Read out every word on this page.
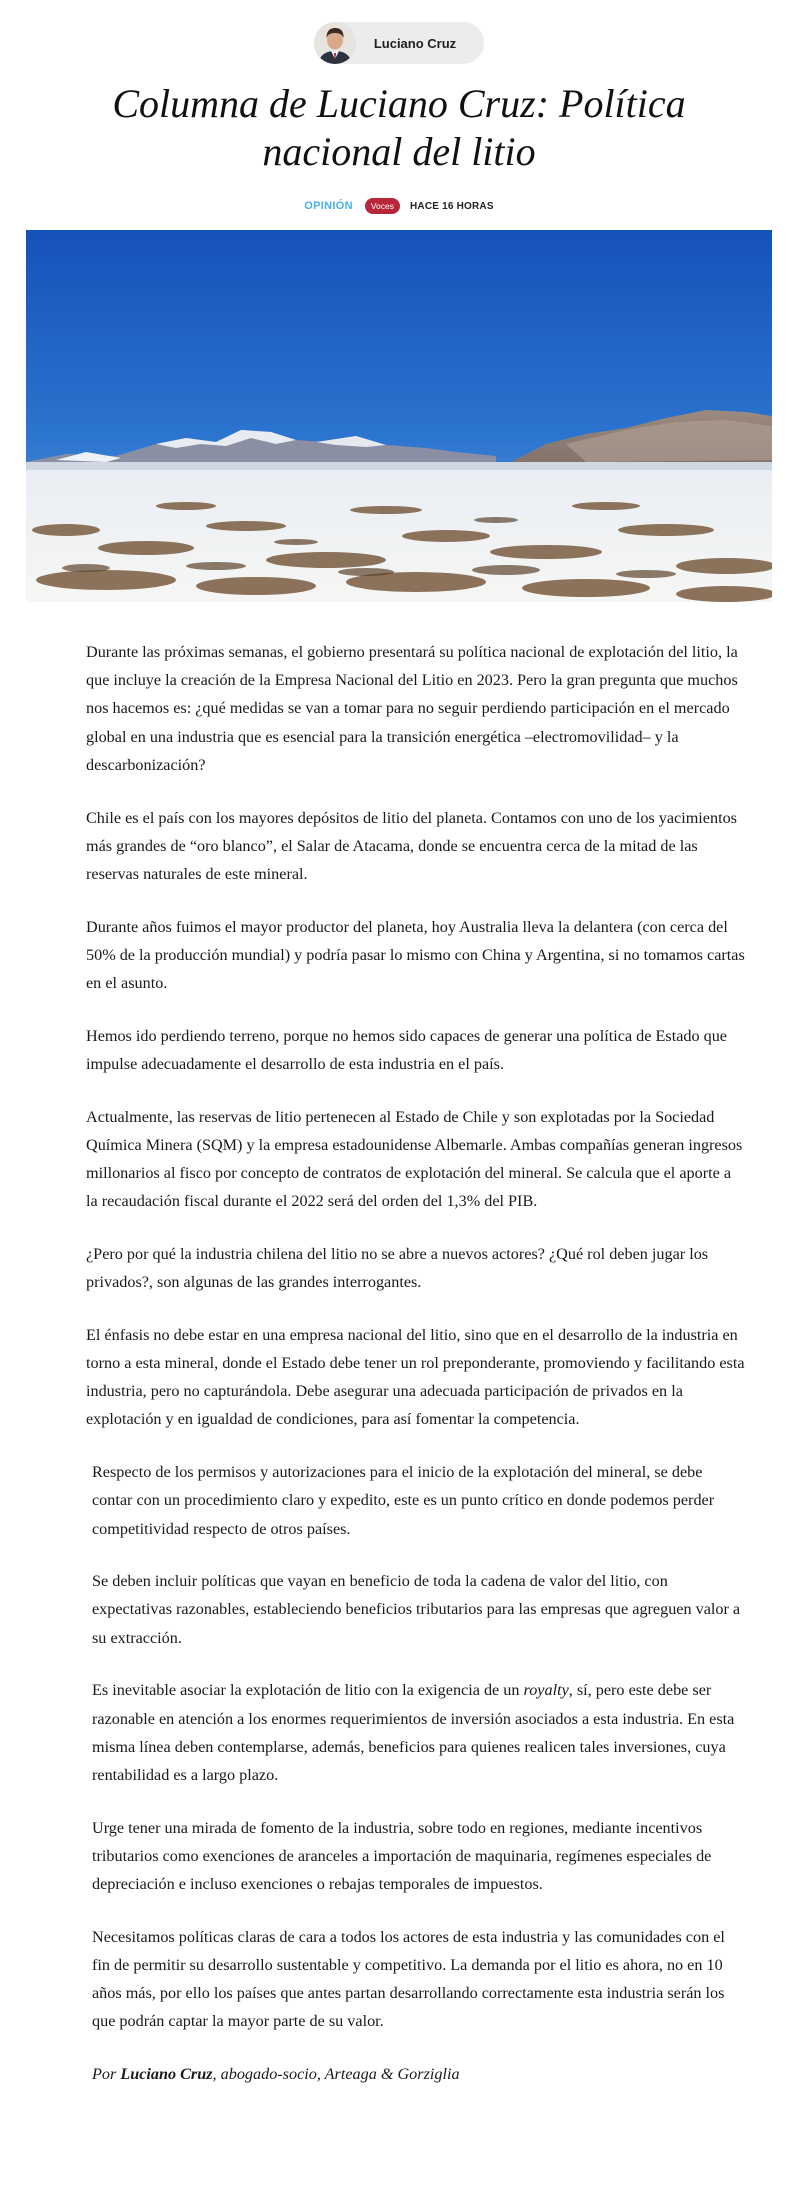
Luciano Cruz
Columna de Luciano Cruz: Política nacional del litio
OPINIÓN	Voces	HACE 16 HORAS

Durante las próximas semanas, el gobierno presentará su política nacional de explotación del litio, la que incluye la creación de la Empresa Nacional del Litio en 2023. Pero la gran pregunta que muchos nos hacemos es: ¿qué medidas se van a tomar para no seguir perdiendo participación en el mercado global en una industria que es esencial para la transición energética –electromovilidad– y la descarbonización?

Chile es el país con los mayores depósitos de litio del planeta. Contamos con uno de los yacimientos más grandes de “oro blanco”, el Salar de Atacama, donde se encuentra cerca de la mitad de las reservas naturales de este mineral.

Durante años fuimos el mayor productor del planeta, hoy Australia lleva la delantera (con cerca del 50% de la producción mundial) y podría pasar lo mismo con China y Argentina, si no tomamos cartas en el asunto.

Hemos ido perdiendo terreno, porque no hemos sido capaces de generar una política de Estado que impulse adecuadamente el desarrollo de esta industria en el país.

Actualmente, las reservas de litio pertenecen al Estado de Chile y son explotadas por la Sociedad Química Minera (SQM) y la empresa estadounidense Albemarle. Ambas compañías generan ingresos millonarios al fisco por concepto de contratos de explotación del mineral. Se calcula que el aporte a la recaudación fiscal durante el 2022 será del orden del 1,3% del PIB.

¿Pero por qué la industria chilena del litio no se abre a nuevos actores? ¿Qué rol deben jugar los privados?, son algunas de las grandes interrogantes.

El énfasis no debe estar en una empresa nacional del litio, sino que en el desarrollo de la industria en torno a esta mineral, donde el Estado debe tener un rol preponderante, promoviendo y facilitando esta industria, pero no capturándola. Debe asegurar una adecuada participación de privados en la explotación y en igualdad de condiciones, para así fomentar la competencia.

Respecto de los permisos y autorizaciones para el inicio de la explotación del mineral, se debe contar con un procedimiento claro y expedito, este es un punto crítico en donde podemos perder competitividad respecto de otros países.

Se deben incluir políticas que vayan en beneficio de toda la cadena de valor del litio, con expectativas razonables, estableciendo beneficios tributarios para las empresas que agreguen valor a su extracción.

Es inevitable asociar la explotación de litio con la exigencia de un royalty, sí, pero este debe ser razonable en atención a los enormes requerimientos de inversión asociados a esta industria. En esta misma línea deben contemplarse, además, beneficios para quienes realicen tales inversiones, cuya rentabilidad es a largo plazo.

Urge tener una mirada de fomento de la industria, sobre todo en regiones, mediante incentivos tributarios como exenciones de aranceles a importación de maquinaria, regímenes especiales de depreciación e incluso exenciones o rebajas temporales de impuestos.

Necesitamos políticas claras de cara a todos los actores de esta industria y las comunidades con el fin de permitir su desarrollo sustentable y competitivo. La demanda por el litio es ahora, no en 10 años más, por ello los países que antes partan desarrollando correctamente esta industria serán los que podrán captar la mayor parte de su valor.

Por Luciano Cruz, abogado-socio, Arteaga & Gorziglia
